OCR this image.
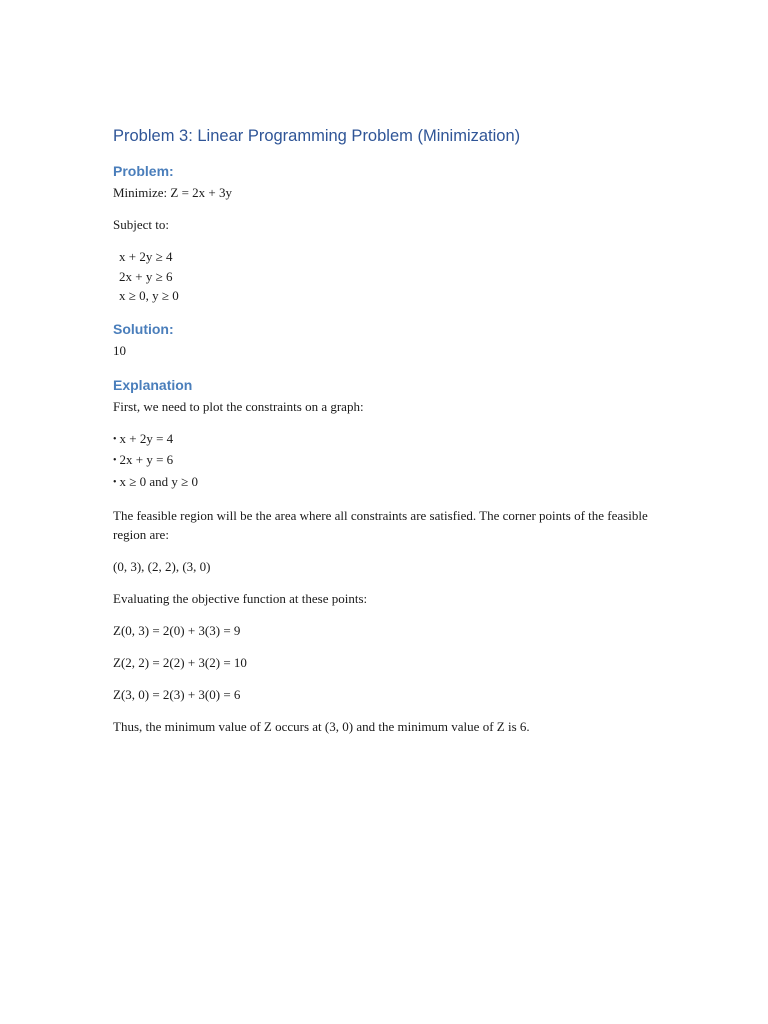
Problem 3: Linear Programming Problem (Minimization)
Problem:

Minimize: Z = 2x + 3y

Subject to:

x + 2y ≥ 4

2x + y ≥ 6

x ≥ 0, y ≥ 0

Solution:

10

Explanation

First, we need to plot the constraints on a graph:

• x + 2y = 4

• 2x + y = 6

• x ≥ 0 and y ≥ 0

The feasible region will be the area where all constraints are satisfied. The corner points of the feasible region are:

(0, 3), (2, 2), (3, 0)

Evaluating the objective function at these points:

Z(0, 3) = 2(0) + 3(3) = 9

Z(2, 2) = 2(2) + 3(2) = 10

Z(3, 0) = 2(3) + 3(0) = 6

Thus, the minimum value of Z occurs at (3, 0) and the minimum value of Z is 6.
